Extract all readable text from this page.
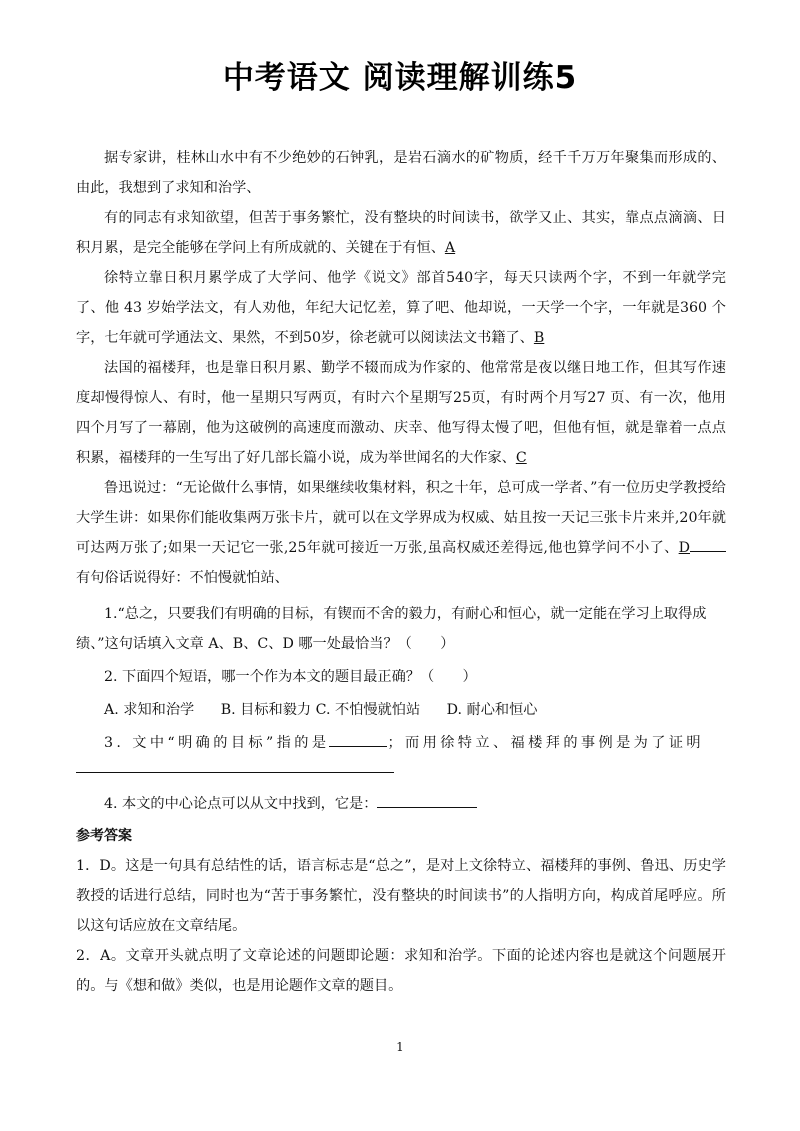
中考语文 阅读理解训练5

据专家讲，桂林山水中有不少绝妙的石钟乳，是岩石滴水的矿物质，经千千万万年聚集而形成的、由此，我想到了求知和治学、

有的同志有求知欲望，但苦于事务繁忙，没有整块的时间读书，欲学又止、其实，靠点点滴滴、日积月累，是完全能够在学问上有所成就的、关键在于有恒、A

徐特立靠日积月累学成了大学问、他学《说文》部首540字，每天只读两个字，不到一年就学完了、他 43 岁始学法文，有人劝他，年纪大记忆差，算了吧、他却说，一天学一个字，一年就是360 个字，七年就可学通法文、果然，不到50岁，徐老就可以阅读法文书籍了、B

法国的福楼拜，也是靠日积月累、勤学不辍而成为作家的、他常常是夜以继日地工作，但其写作速度却慢得惊人、有时，他一星期只写两页，有时六个星期写25页，有时两个月写27 页、有一次，他用四个月写了一幕剧，他为这破例的高速度而激动、庆幸、他写得太慢了吧，但他有恒，就是靠着一点点积累，福楼拜的一生写出了好几部长篇小说，成为举世闻名的大作家、C

鲁迅说过：“无论做什么事情，如果继续收集材料，积之十年，总可成一学者、”有一位历史学教授给大学生讲：如果你们能收集两万张卡片，就可以在文学界成为权威、姑且按一天记三张卡片来并,20年就可达两万张了;如果一天记它一张,25年就可接近一万张,虽高权威还差得远,他也算学问不小了、D有句俗话说得好：不怕慢就怕站、

1.“总之，只要我们有明确的目标，有锲而不舍的毅力，有耐心和恒心，就一定能在学习上取得成绩、”这句话填入文章 A、B、C、D 哪一处最恰当？（　　）

2. 下面四个短语，哪一个作为本文的题目最正确？（　　）

A. 求知和治学 B. 目标和毅力 C. 不怕慢就怕站 D. 耐心和恒心

3. 文中“明确的目标”指的是	；而用徐特立、福楼拜的事例是为了证明

4. 本文的中心论点可以从文中找到，它是：

参考答案

1．D。这是一句具有总结性的话，语言标志是“总之”，是对上文徐特立、福楼拜的事例、鲁迅、历史学教授的话进行总结，同时也为“苦于事务繁忙，没有整块的时间读书”的人指明方向，构成首尾呼应。所以这句话应放在文章结尾。

2．A。文章开头就点明了文章论述的问题即论题：求知和治学。下面的论述内容也是就这个问题展开的。与《想和做》类似，也是用论题作文章的题目。

1
